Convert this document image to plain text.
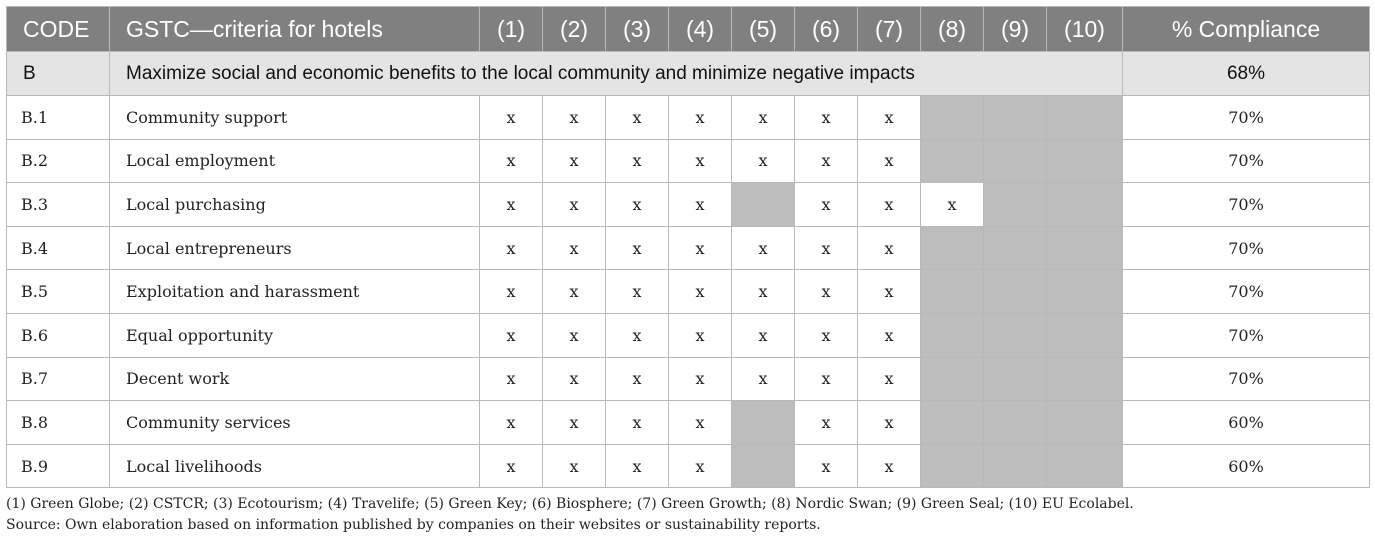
CODE	GSTC—criteria for hotels	(1)	(2)	(3)	(4)	(5)	(6)	(7)	(8)	(9)	(10)	% Compliance
B	Maximize social and economic benefits to the local community and minimize negative impacts											68%
B.1	Community support	x	x	x	x	x	x	x				70%
B.2	Local employment	x	x	x	x	x	x	x				70%
B.3	Local purchasing	x	x	x	x		x	x	x			70%
B.4	Local entrepreneurs	x	x	x	x	x	x	x				70%
B.5	Exploitation and harassment	x	x	x	x	x	x	x				70%
B.6	Equal opportunity	x	x	x	x	x	x	x				70%
B.7	Decent work	x	x	x	x	x	x	x				70%
B.8	Community services	x	x	x	x		x	x				60%
B.9	Local livelihoods	x	x	x	x		x	x				60%

(1) Green Globe; (2) CSTCR; (3) Ecotourism; (4) Travelife; (5) Green Key; (6) Biosphere; (7) Green Growth; (8) Nordic Swan; (9) Green Seal; (10) EU Ecolabel.

Source: Own elaboration based on information published by companies on their websites or sustainability reports.
